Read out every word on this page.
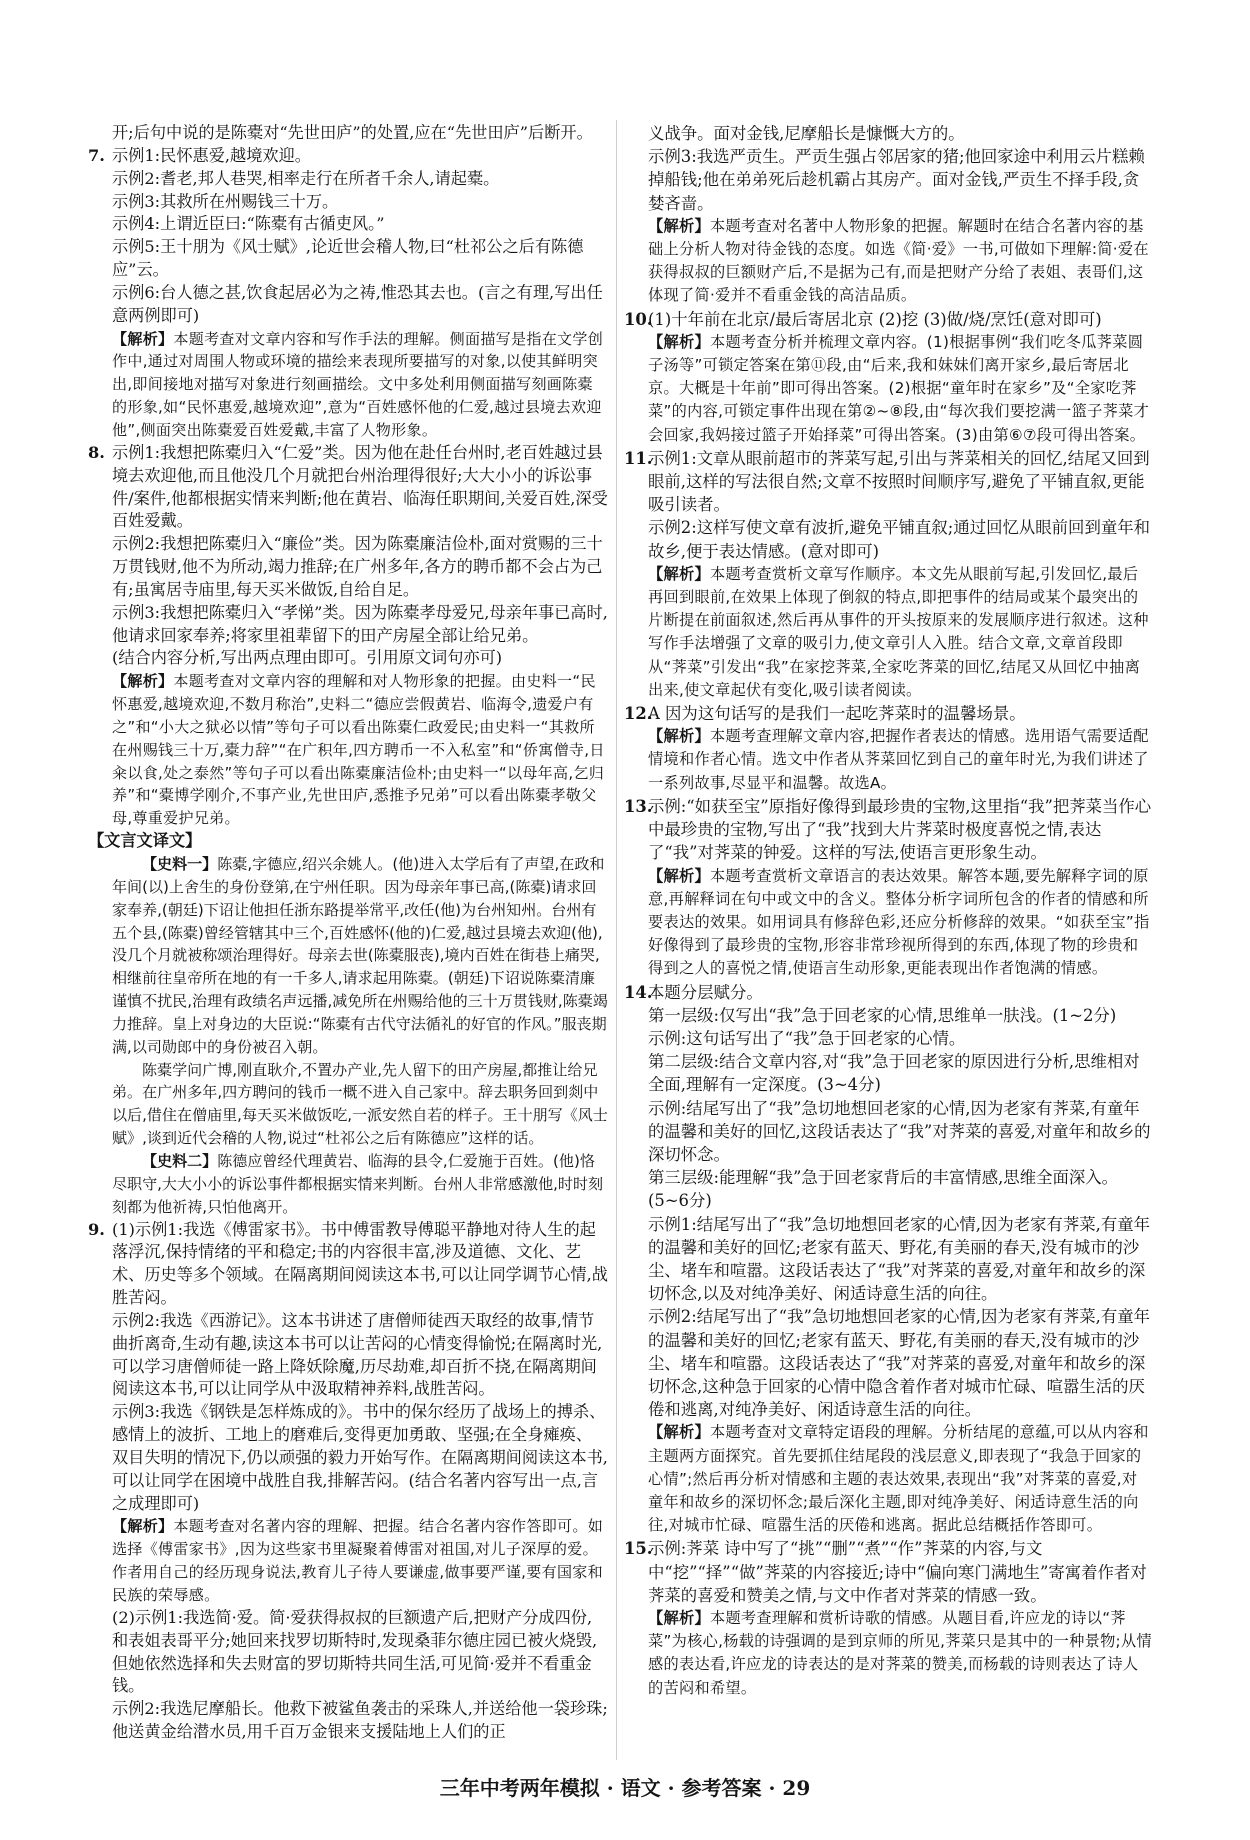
开;后句中说的是陈橐对“先世田庐”的处置,应在“先世田庐”后断开。

7. 示例1:民怀惠爱,越境欢迎。

示例2:耆老,邦人巷哭,相率走行在所者千余人,请起橐。

示例3:其救所在州赐钱三十万。

示例4:上谓近臣曰:“陈橐有古循吏风。”

示例5:王十朋为《风士赋》,论近世会稽人物,曰“杜祁公之后有陈德应”云。

示例6:台人德之甚,饮食起居必为之祷,惟恐其去也。(言之有理,写出任意两例即可)

【解析】本题考查对文章内容和写作手法的理解。侧面描写是指在文学创作中,通过对周围人物或环境的描绘来表现所要描写的对象,以使其鲜明突出,即间接地对描写对象进行刻画描绘。文中多处利用侧面描写刻画陈橐的形象,如“民怀惠爱,越境欢迎”,意为“百姓感怀他的仁爱,越过县境去欢迎他”,侧面突出陈橐爱百姓爱戴,丰富了人物形象。

8. 示例1:我想把陈橐归入“仁爱”类。因为他在赴任台州时,老百姓越过县境去欢迎他,而且他没几个月就把台州治理得很好;大大小小的诉讼事件/案件,他都根据实情来判断;他在黄岩、临海任职期间,关爱百姓,深受百姓爱戴。

示例2:我想把陈橐归入“廉俭”类。因为陈橐廉洁俭朴,面对赏赐的三十万贯钱财,他不为所动,竭力推辞;在广州多年,各方的聘币都不会占为己有;虽寓居寺庙里,每天买米做饭,自给自足。

示例3:我想把陈橐归入“孝悌”类。因为陈橐孝母爱兄,母亲年事已高时,他请求回家奉养;将家里祖辈留下的田产房屋全部让给兄弟。

(结合内容分析,写出两点理由即可。引用原文词句亦可)

【解析】本题考查对文章内容的理解和对人物形象的把握。由史料一“民怀惠爱,越境欢迎,不数月称治”,史料二“德应尝假黄岩、临海令,遗爱户有之”和“小大之狱必以情”等句子可以看出陈橐仁政爱民;由史料一“其救所在州赐钱三十万,橐力辞”“在广积年,四方聘币一不入私室”和“侨寓僧寺,日籴以食,处之泰然”等句子可以看出陈橐廉洁俭朴;由史料一“以母年高,乞归养”和“橐博学刚介,不事产业,先世田庐,悉推予兄弟”可以看出陈橐孝敬父母,尊重爱护兄弟。

【文言文译文】

【史料一】陈橐,字德应,绍兴余姚人。(他)进入太学后有了声望,在政和年间(以)上舍生的身份登第,在宁州任职。因为母亲年事已高,(陈橐)请求回家奉养,(朝廷)下诏让他担任浙东路提举常平,改任(他)为台州知州。台州有五个县,(陈橐)曾经管辖其中三个,百姓感怀(他的)仁爱,越过县境去欢迎(他),没几个月就被称颂治理得好。母亲去世(陈橐服丧),境内百姓在街巷上痛哭,相继前往皇帝所在地的有一千多人,请求起用陈橐。(朝廷)下诏说陈橐清廉谨慎不扰民,治理有政绩名声远播,减免所在州赐给他的三十万贯钱财,陈橐竭力推辞。皇上对身边的大臣说:“陈橐有古代守法循礼的好官的作风。”服丧期满,以司勋郎中的身份被召入朝。

陈橐学问广博,刚直耿介,不置办产业,先人留下的田产房屋,都推让给兄弟。在广州多年,四方聘问的钱币一概不进入自己家中。辞去职务回到剡中以后,借住在僧庙里,每天买米做饭吃,一派安然自若的样子。王十朋写《风士赋》,谈到近代会稽的人物,说过“杜祁公之后有陈德应”这样的话。

【史料二】陈德应曾经代理黄岩、临海的县令,仁爱施于百姓。(他)恪尽职守,大大小小的诉讼事件都根据实情来判断。台州人非常感激他,时时刻刻都为他祈祷,只怕他离开。

9. (1)示例1:我选《傅雷家书》。书中傅雷教导傅聪平静地对待人生的起落浮沉,保持情绪的平和稳定;书的内容很丰富,涉及道德、文化、艺术、历史等多个领域。在隔离期间阅读这本书,可以让同学调节心情,战胜苦闷。

示例2:我选《西游记》。这本书讲述了唐僧师徒西天取经的故事,情节曲折离奇,生动有趣,读这本书可以让苦闷的心情变得愉悦;在隔离时光,可以学习唐僧师徒一路上降妖除魔,历尽劫难,却百折不挠,在隔离期间阅读这本书,可以让同学从中汲取精神养料,战胜苦闷。

示例3:我选《钢铁是怎样炼成的》。书中的保尔经历了战场上的搏杀、感情上的波折、工地上的磨难后,变得更加勇敢、坚强;在全身瘫痪、双目失明的情况下,仍以顽强的毅力开始写作。在隔离期间阅读这本书,可以让同学在困境中战胜自我,排解苦闷。(结合名著内容写出一点,言之成理即可)

【解析】本题考查对名著内容的理解、把握。结合名著内容作答即可。如选择《傅雷家书》,因为这些家书里凝聚着傅雷对祖国,对儿子深厚的爱。作者用自己的经历现身说法,教育儿子待人要谦虚,做事要严谨,要有国家和民族的荣辱感。

(2)示例1:我选简·爱。简·爱获得叔叔的巨额遗产后,把财产分成四份,和表姐表哥平分;她回来找罗切斯特时,发现桑菲尔德庄园已被火烧毁,但她依然选择和失去财富的罗切斯特共同生活,可见简·爱并不看重金钱。

示例2:我选尼摩船长。他救下被鲨鱼袭击的采珠人,并送给他一袋珍珠;他送黄金给潜水员,用千百万金银来支援陆地上人们的正

义战争。面对金钱,尼摩船长是慷慨大方的。

示例3:我选严贡生。严贡生强占邻居家的猪;他回家途中利用云片糕赖掉船钱;他在弟弟死后趁机霸占其房产。面对金钱,严贡生不择手段,贪婪吝啬。

【解析】本题考查对名著中人物形象的把握。解题时在结合名著内容的基础上分析人物对待金钱的态度。如选《简·爱》一书,可做如下理解:简·爱在获得叔叔的巨额财产后,不是据为己有,而是把财产分给了表姐、表哥们,这体现了简·爱并不看重金钱的高洁品质。

10.(1)十年前在北京/最后寄居北京 (2)挖 (3)做/烧/烹饪(意对即可)

【解析】本题考查分析并梳理文章内容。(1)根据事例“我们吃冬瓜荠菜圆子汤等”可锁定答案在第⑪段,由“后来,我和妹妹们离开家乡,最后寄居北京。大概是十年前”即可得出答案。(2)根据“童年时在家乡”及“全家吃荠菜”的内容,可锁定事件出现在第②~⑧段,由“每次我们要挖满一篮子荠菜才会回家,我妈接过篮子开始择菜”可得出答案。(3)由第⑥⑦段可得出答案。

11.示例1:文章从眼前超市的荠菜写起,引出与荠菜相关的回忆,结尾又回到眼前,这样的写法很自然;文章不按照时间顺序写,避免了平铺直叙,更能吸引读者。

示例2:这样写使文章有波折,避免平铺直叙;通过回忆从眼前回到童年和故乡,便于表达情感。(意对即可)

【解析】本题考查赏析文章写作顺序。本文先从眼前写起,引发回忆,最后再回到眼前,在效果上体现了倒叙的特点,即把事件的结局或某个最突出的片断提在前面叙述,然后再从事件的开头按原来的发展顺序进行叙述。这种写作手法增强了文章的吸引力,使文章引人入胜。结合文章,文章首段即从“荠菜”引发出“我”在家挖荠菜,全家吃荠菜的回忆,结尾又从回忆中抽离出来,使文章起伏有变化,吸引读者阅读。

12.A 因为这句话写的是我们一起吃荠菜时的温馨场景。

【解析】本题考查理解文章内容,把握作者表达的情感。选用语气需要适配情境和作者心情。选文中作者从荠菜回忆到自己的童年时光,为我们讲述了一系列故事,尽显平和温馨。故选A。

13.示例:“如获至宝”原指好像得到最珍贵的宝物,这里指“我”把荠菜当作心中最珍贵的宝物,写出了“我”找到大片荠菜时极度喜悦之情,表达了“我”对荠菜的钟爱。这样的写法,使语言更形象生动。

【解析】本题考查赏析文章语言的表达效果。解答本题,要先解释字词的原意,再解释词在句中或文中的含义。整体分析字词所包含的作者的情感和所要表达的效果。如用词具有修辞色彩,还应分析修辞的效果。“如获至宝”指好像得到了最珍贵的宝物,形容非常珍视所得到的东西,体现了物的珍贵和得到之人的喜悦之情,使语言生动形象,更能表现出作者饱满的情感。

14.本题分层赋分。

第一层级:仅写出“我”急于回老家的心情,思维单一肤浅。(1~2分)

示例:这句话写出了“我”急于回老家的心情。

第二层级:结合文章内容,对“我”急于回老家的原因进行分析,思维相对全面,理解有一定深度。(3~4分)

示例:结尾写出了“我”急切地想回老家的心情,因为老家有荠菜,有童年的温馨和美好的回忆,这段话表达了“我”对荠菜的喜爱,对童年和故乡的深切怀念。

第三层级:能理解“我”急于回老家背后的丰富情感,思维全面深入。(5~6分)

示例1:结尾写出了“我”急切地想回老家的心情,因为老家有荠菜,有童年的温馨和美好的回忆;老家有蓝天、野花,有美丽的春天,没有城市的沙尘、堵车和喧嚣。这段话表达了“我”对荠菜的喜爱,对童年和故乡的深切怀念,以及对纯净美好、闲适诗意生活的向往。

示例2:结尾写出了“我”急切地想回老家的心情,因为老家有荠菜,有童年的温馨和美好的回忆;老家有蓝天、野花,有美丽的春天,没有城市的沙尘、堵车和喧嚣。这段话表达了“我”对荠菜的喜爱,对童年和故乡的深切怀念,这种急于回家的心情中隐含着作者对城市忙碌、喧嚣生活的厌倦和逃离,对纯净美好、闲适诗意生活的向往。

【解析】本题考查对文章特定语段的理解。分析结尾的意蕴,可以从内容和主题两方面探究。首先要抓住结尾段的浅层意义,即表现了“我急于回家的心情”;然后再分析对情感和主题的表达效果,表现出“我”对荠菜的喜爱,对童年和故乡的深切怀念;最后深化主题,即对纯净美好、闲适诗意生活的向往,对城市忙碌、喧嚣生活的厌倦和逃离。据此总结概括作答即可。

15.示例:荠菜 诗中写了“挑”“删”“煮”“作”荠菜的内容,与文中“挖”“择”“做”荠菜的内容接近;诗中“偏向寒门满地生”寄寓着作者对荠菜的喜爱和赞美之情,与文中作者对荠菜的情感一致。

【解析】本题考查理解和赏析诗歌的情感。从题目看,许应龙的诗以“荠菜”为核心,杨载的诗强调的是到京师的所见,荠菜只是其中的一种景物;从情感的表达看,许应龙的诗表达的是对荠菜的赞美,而杨载的诗则表达了诗人的苦闷和希望。

三年中考两年模拟 · 语文 · 参考答案 · 29
